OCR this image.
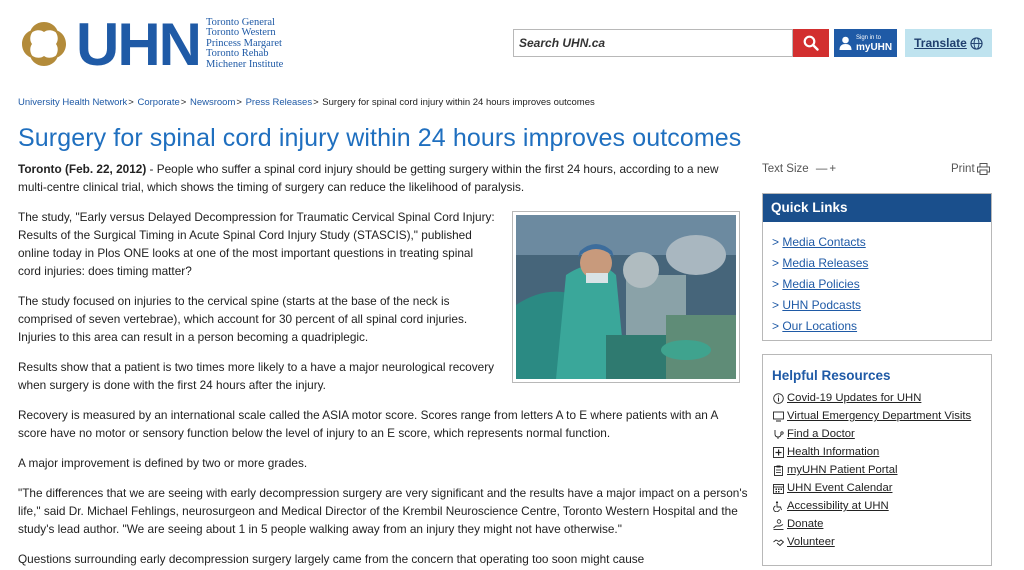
UHN Toronto General
Toronto Western
Princess Margaret
Toronto Rehab
Michener Institute
Search UHN.ca
Sign in to
myUHN Translate
University Health Network> Corporate> Newsroom> Press Releases> Surgery for spinal cord injury within 24 hours improves outcomes
Surgery for spinal cord injury within 24 hours improves outcomes

Toronto (Feb. 22, 2012) - People who suffer a spinal cord injury should be getting surgery within the first 24 hours, according to a new multi-centre clinical trial, which shows the timing of surgery can reduce the likelihood of paralysis.

The study, "Early versus Delayed Decompression for Traumatic Cervical Spinal Cord Injury: Results of the Surgical Timing in Acute Spinal Cord Injury Study (STASCIS)," published online today in Plos ONE looks at one of the most important questions in treating spinal cord injuries: does timing matter?

The study focused on injuries to the cervical spine (starts at the base of the neck is comprised of seven vertebrae), which account for 30 percent of all spinal cord injuries. Injuries to this area can result in a person becoming a quadriplegic.

Results show that a patient is two times more likely to a have a major neurological recovery when surgery is done with the first 24 hours after the injury.

Recovery is measured by an international scale called the ASIA motor score. Scores range from letters A to E where patients with an A score have no motor or sensory function below the level of injury to an E score, which represents normal function.

A major improvement is defined by two or more grades.

"The differences that we are seeing with early decompression surgery are very significant and the results have a major impact on a person's life," said Dr. Michael Fehlings, neurosurgeon and Medical Director of the Krembil Neuroscience Centre, Toronto Western Hospital and the study's lead author. "We are seeing about 1 in 5 people walking away from an injury they might not have otherwise."

Questions surrounding early decompression surgery largely came from the concern that operating too soon might cause

Text Size —+	Print
Quick Links
> Media Contacts
> Media Releases
> Media Policies
> UHN Podcasts
> Our Locations
Helpful Resources
Covid-19 Updates for UHN
Virtual Emergency Department Visits
Find a Doctor
Health Information
myUHN Patient Portal
UHN Event Calendar
Accessibility at UHN
Donate
Volunteer
